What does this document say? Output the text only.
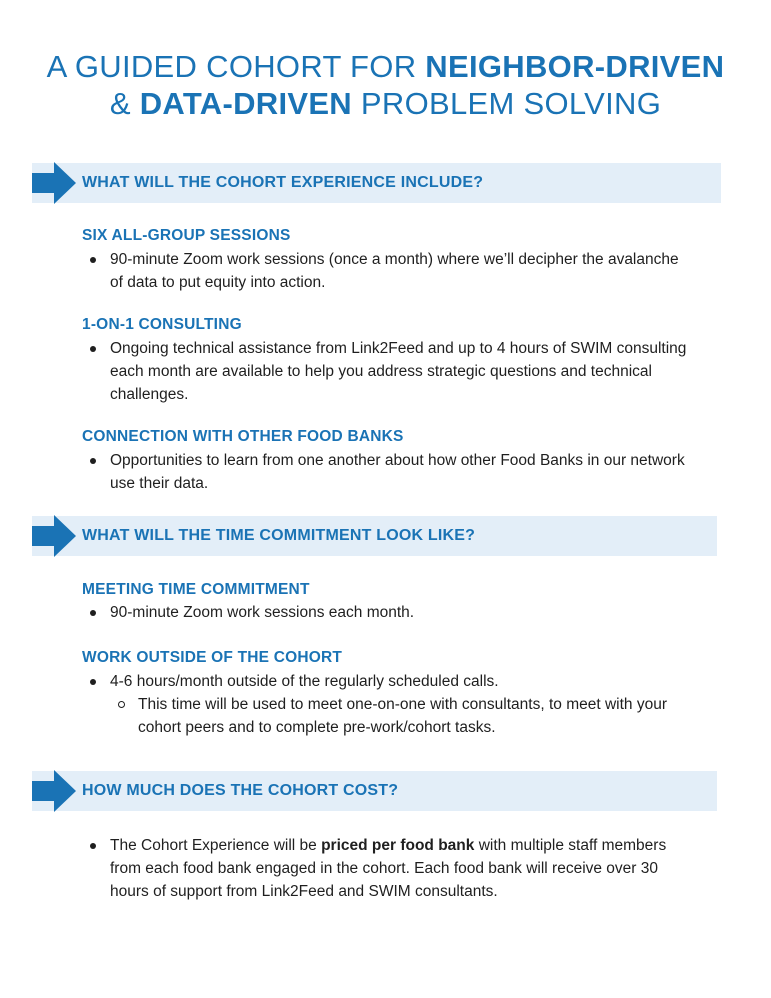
A GUIDED COHORT FOR NEIGHBOR-DRIVEN
& DATA-DRIVEN PROBLEM SOLVING
WHAT WILL THE COHORT EXPERIENCE INCLUDE?
SIX ALL-GROUP SESSIONS
90-minute Zoom work sessions (once a month) where we’ll decipher the avalanche of data to put equity into action.
1-ON-1 CONSULTING
Ongoing technical assistance from Link2Feed and up to 4 hours of SWIM consulting each month are available to help you address strategic questions and technical challenges.
CONNECTION WITH OTHER FOOD BANKS
Opportunities to learn from one another about how other Food Banks in our network use their data.
WHAT WILL THE TIME COMMITMENT LOOK LIKE?
MEETING TIME COMMITMENT
90-minute Zoom work sessions each month.
WORK OUTSIDE OF THE COHORT
4-6 hours/month outside of the regularly scheduled calls.
This time will be used to meet one-on-one with consultants, to meet with your cohort peers and to complete pre-work/cohort tasks.
HOW MUCH DOES THE COHORT COST?
The Cohort Experience will be priced per food bank with multiple staff members from each food bank engaged in the cohort. Each food bank will receive over 30 hours of support from Link2Feed and SWIM consultants.
